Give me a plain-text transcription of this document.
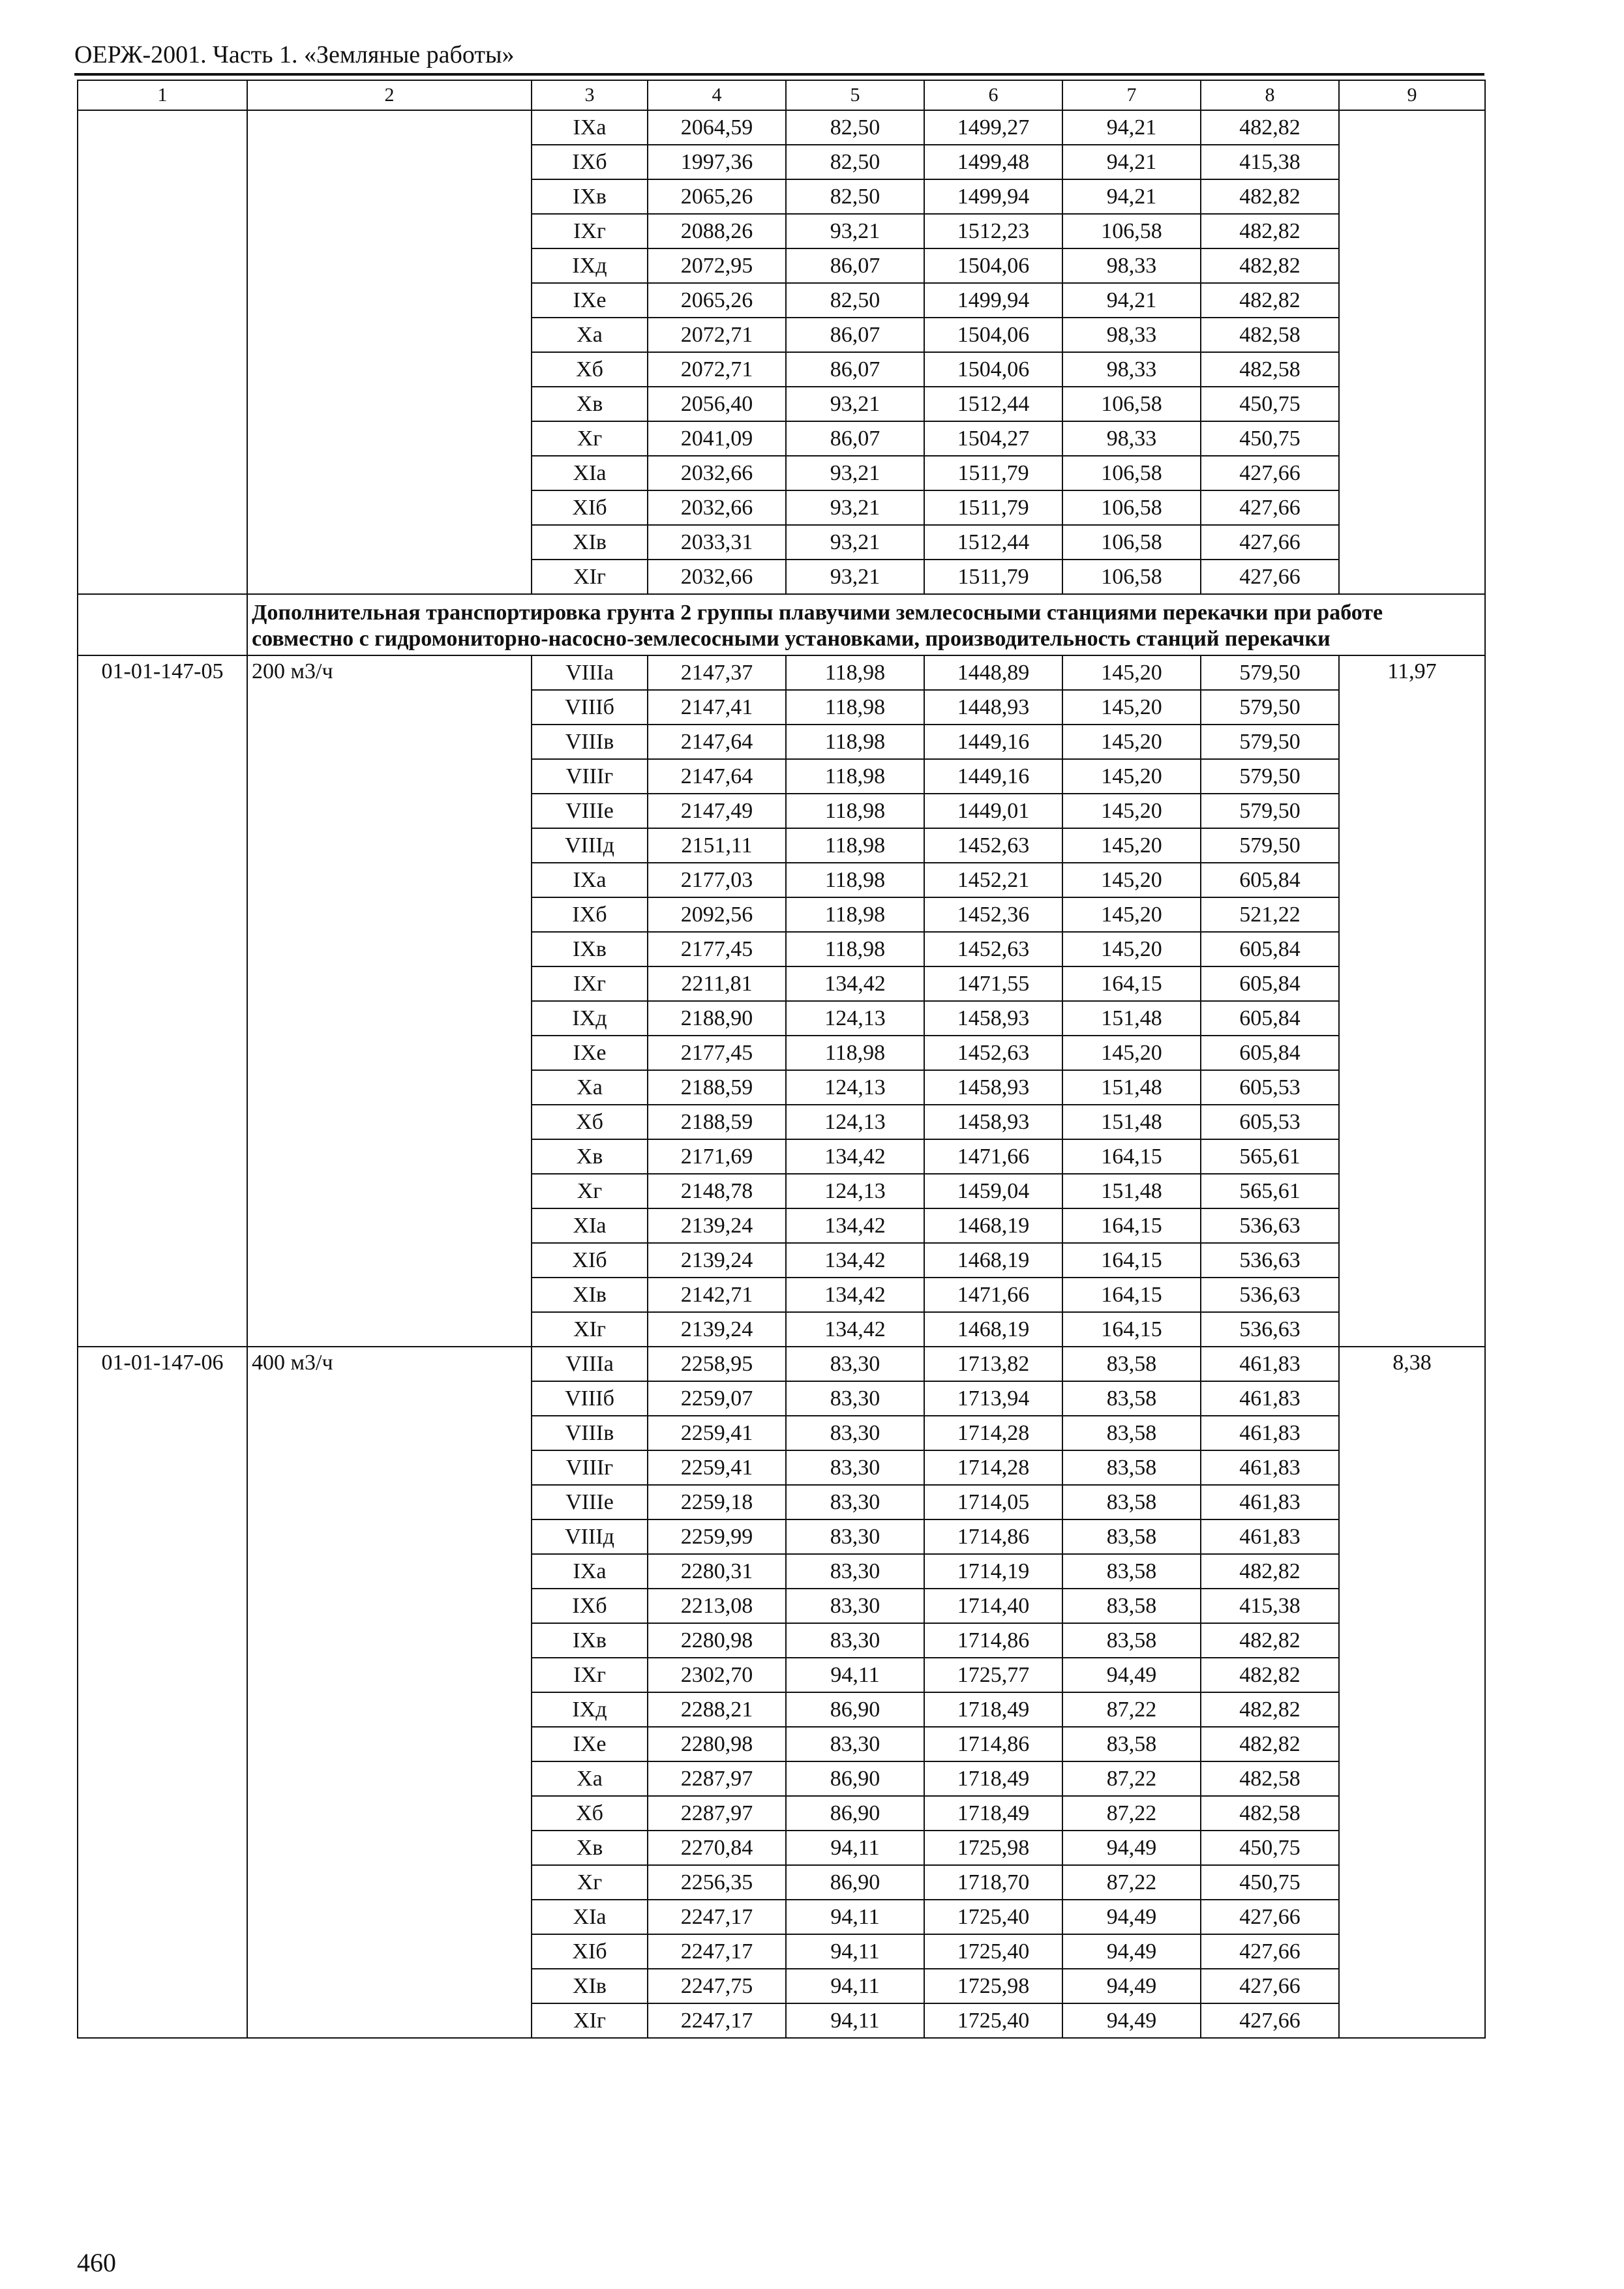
ОЕРЖ-2001. Часть 1. «Земляные работы»
1	2	3	4	5	6	7	8	9
		IXа	2064,59	82,50	1499,27	94,21	482,82	
		IXб	1997,36	82,50	1499,48	94,21	415,38	
		IXв	2065,26	82,50	1499,94	94,21	482,82	
		IXг	2088,26	93,21	1512,23	106,58	482,82	
		IXд	2072,95	86,07	1504,06	98,33	482,82	
		IXе	2065,26	82,50	1499,94	94,21	482,82	
		Xа	2072,71	86,07	1504,06	98,33	482,58	
		Xб	2072,71	86,07	1504,06	98,33	482,58	
		Xв	2056,40	93,21	1512,44	106,58	450,75	
		Xг	2041,09	86,07	1504,27	98,33	450,75	
		XIа	2032,66	93,21	1511,79	106,58	427,66	
		XIб	2032,66	93,21	1511,79	106,58	427,66	
		XIв	2033,31	93,21	1512,44	106,58	427,66	
		XIг	2032,66	93,21	1511,79	106,58	427,66	
	Дополнительная транспортировка грунта 2 группы плавучими землесосными станциями перекачки при работе совместно с гидромониторно-насосно-землесосными установками, производительность станций перекачки							
01-01-147-05	200 м3/ч	VIIIа	2147,37	118,98	1448,89	145,20	579,50	11,97
		VIIIб	2147,41	118,98	1448,93	145,20	579,50	
		VIIIв	2147,64	118,98	1449,16	145,20	579,50	
		VIIIг	2147,64	118,98	1449,16	145,20	579,50	
		VIIIе	2147,49	118,98	1449,01	145,20	579,50	
		VIIIд	2151,11	118,98	1452,63	145,20	579,50	
		IXа	2177,03	118,98	1452,21	145,20	605,84	
		IXб	2092,56	118,98	1452,36	145,20	521,22	
		IXв	2177,45	118,98	1452,63	145,20	605,84	
		IXг	2211,81	134,42	1471,55	164,15	605,84	
		IXд	2188,90	124,13	1458,93	151,48	605,84	
		IXе	2177,45	118,98	1452,63	145,20	605,84	
		Xа	2188,59	124,13	1458,93	151,48	605,53	
		Xб	2188,59	124,13	1458,93	151,48	605,53	
		Xв	2171,69	134,42	1471,66	164,15	565,61	
		Xг	2148,78	124,13	1459,04	151,48	565,61	
		XIа	2139,24	134,42	1468,19	164,15	536,63	
		XIб	2139,24	134,42	1468,19	164,15	536,63	
		XIв	2142,71	134,42	1471,66	164,15	536,63	
		XIг	2139,24	134,42	1468,19	164,15	536,63	
01-01-147-06	400 м3/ч	VIIIа	2258,95	83,30	1713,82	83,58	461,83	8,38
		VIIIб	2259,07	83,30	1713,94	83,58	461,83	
		VIIIв	2259,41	83,30	1714,28	83,58	461,83	
		VIIIг	2259,41	83,30	1714,28	83,58	461,83	
		VIIIе	2259,18	83,30	1714,05	83,58	461,83	
		VIIIд	2259,99	83,30	1714,86	83,58	461,83	
		IXа	2280,31	83,30	1714,19	83,58	482,82	
		IXб	2213,08	83,30	1714,40	83,58	415,38	
		IXв	2280,98	83,30	1714,86	83,58	482,82	
		IXг	2302,70	94,11	1725,77	94,49	482,82	
		IXд	2288,21	86,90	1718,49	87,22	482,82	
		IXе	2280,98	83,30	1714,86	83,58	482,82	
		Xа	2287,97	86,90	1718,49	87,22	482,58	
		Xб	2287,97	86,90	1718,49	87,22	482,58	
		Xв	2270,84	94,11	1725,98	94,49	450,75	
		Xг	2256,35	86,90	1718,70	87,22	450,75	
		XIа	2247,17	94,11	1725,40	94,49	427,66	
		XIб	2247,17	94,11	1725,40	94,49	427,66	
		XIв	2247,75	94,11	1725,98	94,49	427,66	
		XIг	2247,17	94,11	1725,40	94,49	427,66	
460
